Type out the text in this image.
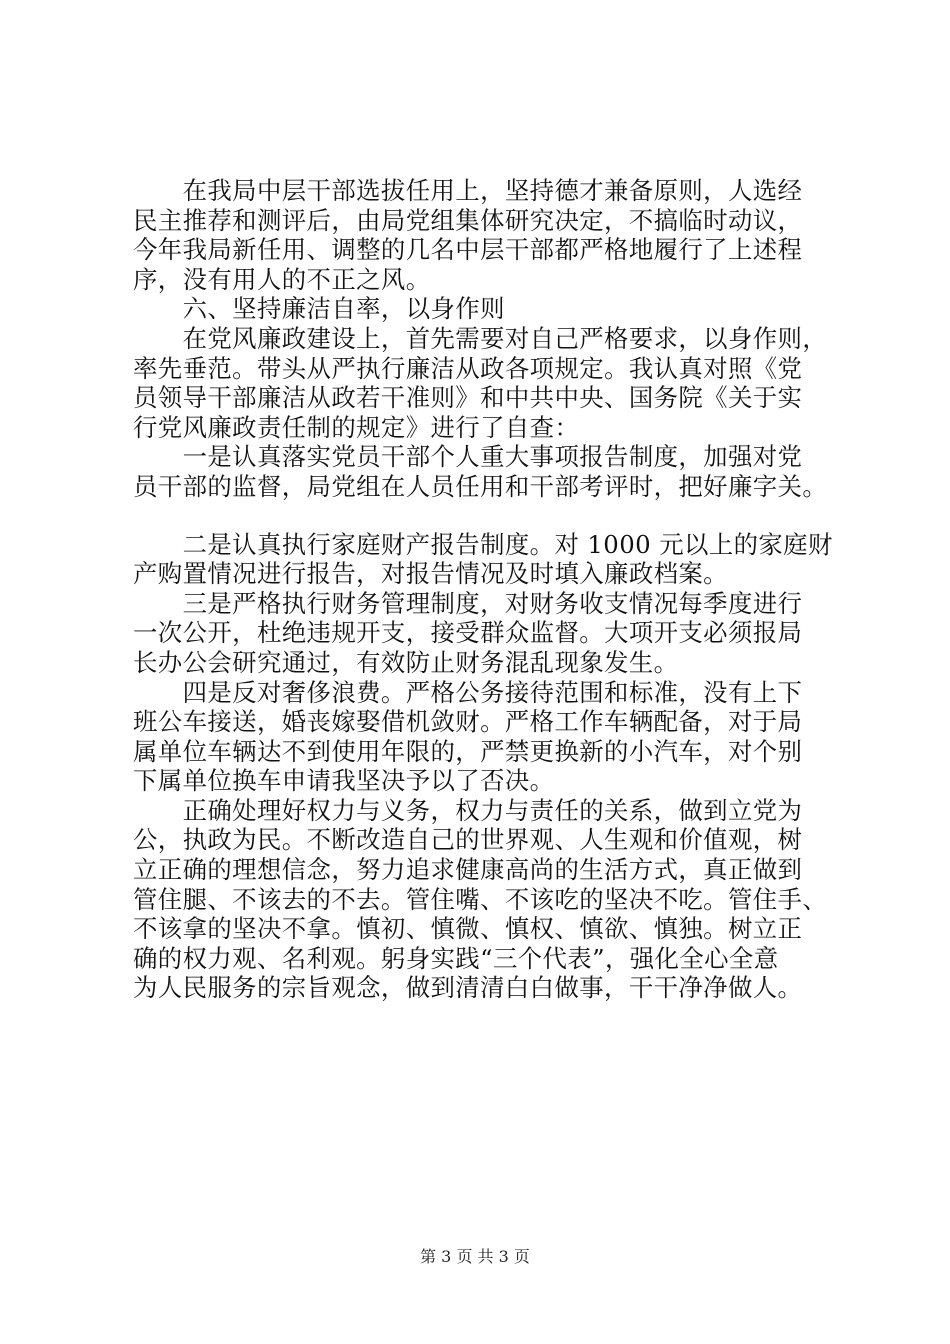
　　在我局中层干部选拔任用上，坚持德才兼备原则，人选经
民主推荐和测评后，由局党组集体研究决定，不搞临时动议，
今年我局新任用、调整的几名中层干部都严格地履行了上述程
序，没有用人的不正之风。
　　六、坚持廉洁自率，以身作则
　　在党风廉政建设上，首先需要对自己严格要求，以身作则，
率先垂范。带头从严执行廉洁从政各项规定。我认真对照《党
员领导干部廉洁从政若干准则》和中共中央、国务院《关于实
行党风廉政责任制的规定》进行了自查：
　　一是认真落实党员干部个人重大事项报告制度，加强对党
员干部的监督，局党组在人员任用和干部考评时，把好廉字关。
　　二是认真执行家庭财产报告制度。对 1000 元以上的家庭财
产购置情况进行报告，对报告情况及时填入廉政档案。
　　三是严格执行财务管理制度，对财务收支情况每季度进行
一次公开，杜绝违规开支，接受群众监督。大项开支必须报局
长办公会研究通过，有效防止财务混乱现象发生。
　　四是反对奢侈浪费。严格公务接待范围和标准，没有上下
班公车接送，婚丧嫁娶借机敛财。严格工作车辆配备，对于局
属单位车辆达不到使用年限的，严禁更换新的小汽车，对个别
下属单位换车申请我坚决予以了否决。
　　正确处理好权力与义务，权力与责任的关系，做到立党为
公，执政为民。不断改造自己的世界观、人生观和价值观，树
立正确的理想信念，努力追求健康高尚的生活方式，真正做到
管住腿、不该去的不去。管住嘴、不该吃的坚决不吃。管住手、
不该拿的坚决不拿。慎初、慎微、慎权、慎欲、慎独。树立正
确的权力观、名利观。躬身实践“三个代表”，强化全心全意
为人民服务的宗旨观念，做到清清白白做事，干干净净做人。
第 3 页 共 3 页
